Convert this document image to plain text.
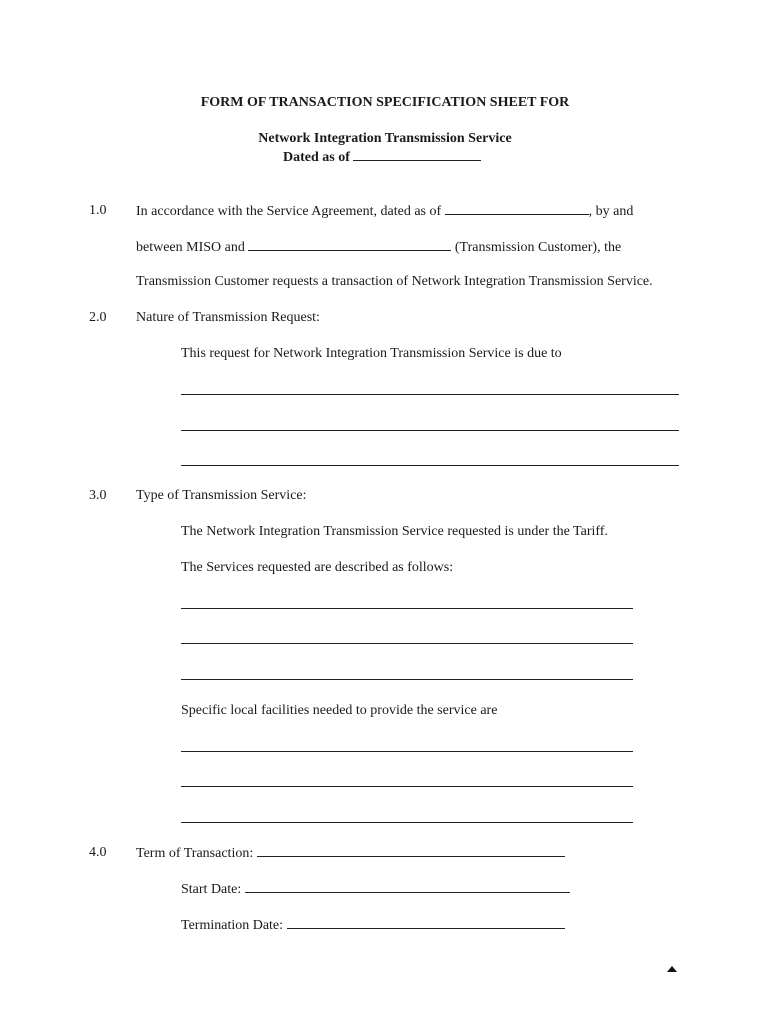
FORM OF TRANSACTION SPECIFICATION SHEET FOR
Network Integration Transmission Service
Dated as of
1.0 In accordance with the Service Agreement, dated as of	, by and
between MISO and	(Transmission Customer), the
Transmission Customer requests a transaction of Network Integration Transmission Service.
2.0 Nature of Transmission Request:
This request for Network Integration Transmission Service is due to
3.0 Type of Transmission Service:
The Network Integration Transmission Service requested is under the Tariff.
The Services requested are described as follows:
Specific local facilities needed to provide the service are
4.0 Term of Transaction:
Start Date:
Termination Date:
